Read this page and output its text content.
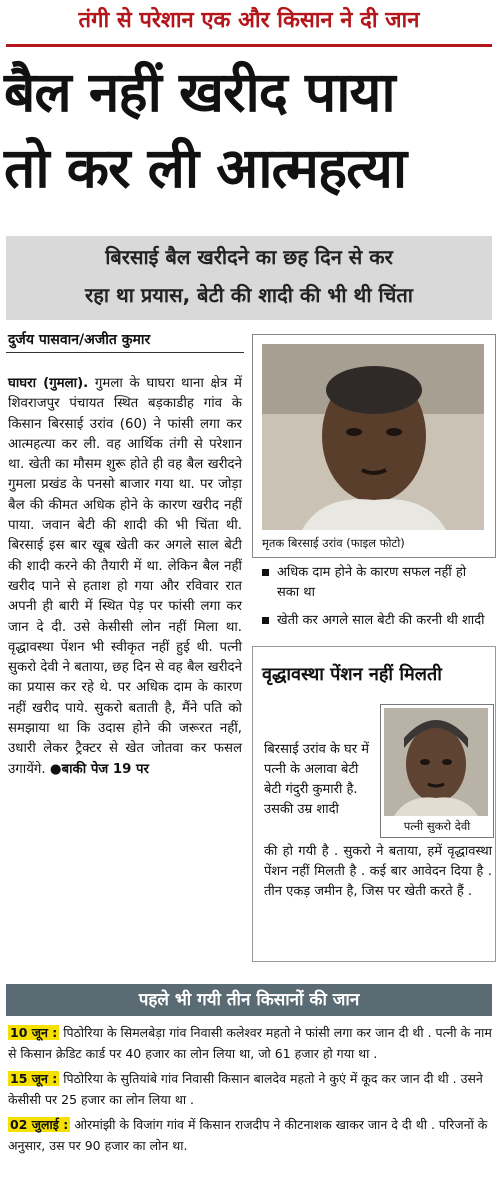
तंगी से परेशान एक और किसान ने दी जान
बैल नहीं खरीद पाया
तो कर ली आत्महत्या
बिरसाई बैल खरीदने का छह दिन से कर
रहा था प्रयास, बेटी की शादी की भी थी चिंता
दुर्जय पासवान/अजीत कुमार
घाघरा (गुमला). गुमला के घाघरा थाना क्षेत्र में शिवराजपुर पंचायत स्थित बड़काडीह गांव के किसान बिरसाई उरांव (60) ने फांसी लगा कर आत्महत्या कर ली. वह आर्थिक तंगी से परेशान था. खेती का मौसम शुरू होते ही वह बैल खरीदने गुमला प्रखंड के पनसो बाजार गया था. पर जोड़ा बैल की कीमत अधिक होने के कारण खरीद नहीं पाया. जवान बेटी की शादी की भी चिंता थी. बिरसाई इस बार खूब खेती कर अगले साल बेटी की शादी करने की तैयारी में था. लेकिन बैल नहीं खरीद पाने से हताश हो गया और रविवार रात अपनी ही बारी में स्थित पेड़ पर फांसी लगा कर जान दे दी. उसे केसीसी लोन नहीं मिला था. वृद्धावस्था पेंशन भी स्वीकृत नहीं हुई थी. पत्नी सुकरो देवी ने बताया, छह दिन से वह बैल खरीदने का प्रयास कर रहे थे. पर अधिक दाम के कारण नहीं खरीद पाये. सुकरो बताती है, मैंने पति को समझाया था कि उदास होने की जरूरत नहीं, उधारी लेकर ट्रैक्टर से खेत जोतवा कर फसल उगायेंगे. ●बाकी पेज 19 पर
मृतक बिरसाई उरांव (फाइल फोटो)
अधिक दाम होने के कारण सफल नहीं हो सका था
खेती कर अगले साल बेटी की करनी थी शादी
वृद्धावस्था पेंशन नहीं मिलती
बिरसाई उरांव के घर में पत्नी के अलावा बेटी बेटी गंदुरी कुमारी है. उसकी उम्र शादी
पत्नी सुकरो देवी
की हो गयी है . सुकरो ने बताया, हमें वृद्धावस्था पेंशन नहीं मिलती है . कई बार आवेदन दिया है . तीन एकड़ जमीन है, जिस पर खेती करते हैं .
पहले भी गयी तीन किसानों की जान
10 जून : पिठोरिया के सिमलबेड़ा गांव निवासी कलेश्वर महतो ने फांसी लगा कर जान दी थी . पत्नी के नाम से किसान क्रेडिट कार्ड पर 40 हजार का लोन लिया था, जो 61 हजार हो गया था .
15 जून : पिठोरिया के सुतियांबे गांव निवासी किसान बालदेव महतो ने कुएं में कूद कर जान दी थी . उसने केसीसी पर 25 हजार का लोन लिया था .
02 जुलाई : ओरमांझी के विजांग गांव में किसान राजदीप ने कीटनाशक खाकर जान दे दी थी . परिजनों के अनुसार, उस पर 90 हजार का लोन था.
